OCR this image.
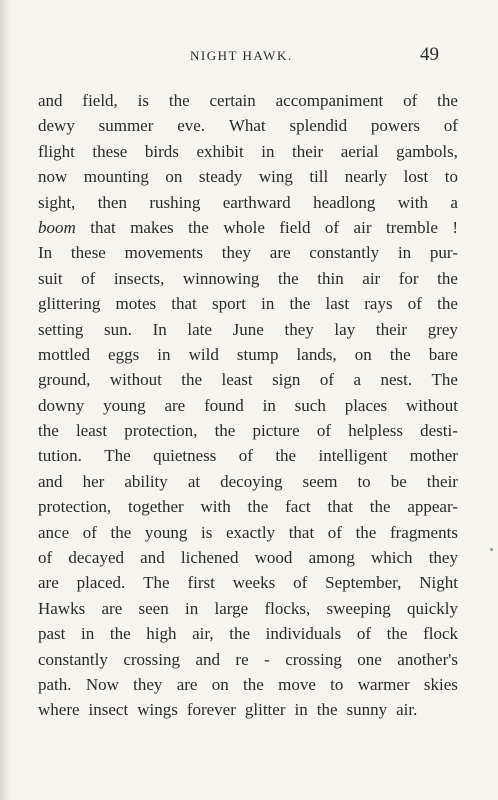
NIGHT HAWK.	49
and field, is the certain accompaniment of the
dewy summer eve. What splendid powers of
flight these birds exhibit in their aerial gambols,
now mounting on steady wing till nearly lost to
sight, then rushing earthward headlong with a
boom that makes the whole field of air tremble !
In these movements they are constantly in pur-
suit of insects, winnowing the thin air for the
glittering motes that sport in the last rays of the
setting sun. In late June they lay their grey
mottled eggs in wild stump lands, on the bare
ground, without the least sign of a nest. The
downy young are found in such places without
the least protection, the picture of helpless desti-
tution. The quietness of the intelligent mother
and her ability at decoying seem to be their
protection, together with the fact that the appear-
ance of the young is exactly that of the fragments
of decayed and lichened wood among which they
are placed. The first weeks of September, Night
Hawks are seen in large flocks, sweeping quickly
past in the high air, the individuals of the flock
constantly crossing and re - crossing one another's
path. Now they are on the move to warmer skies
where insect wings forever glitter in the sunny air.
